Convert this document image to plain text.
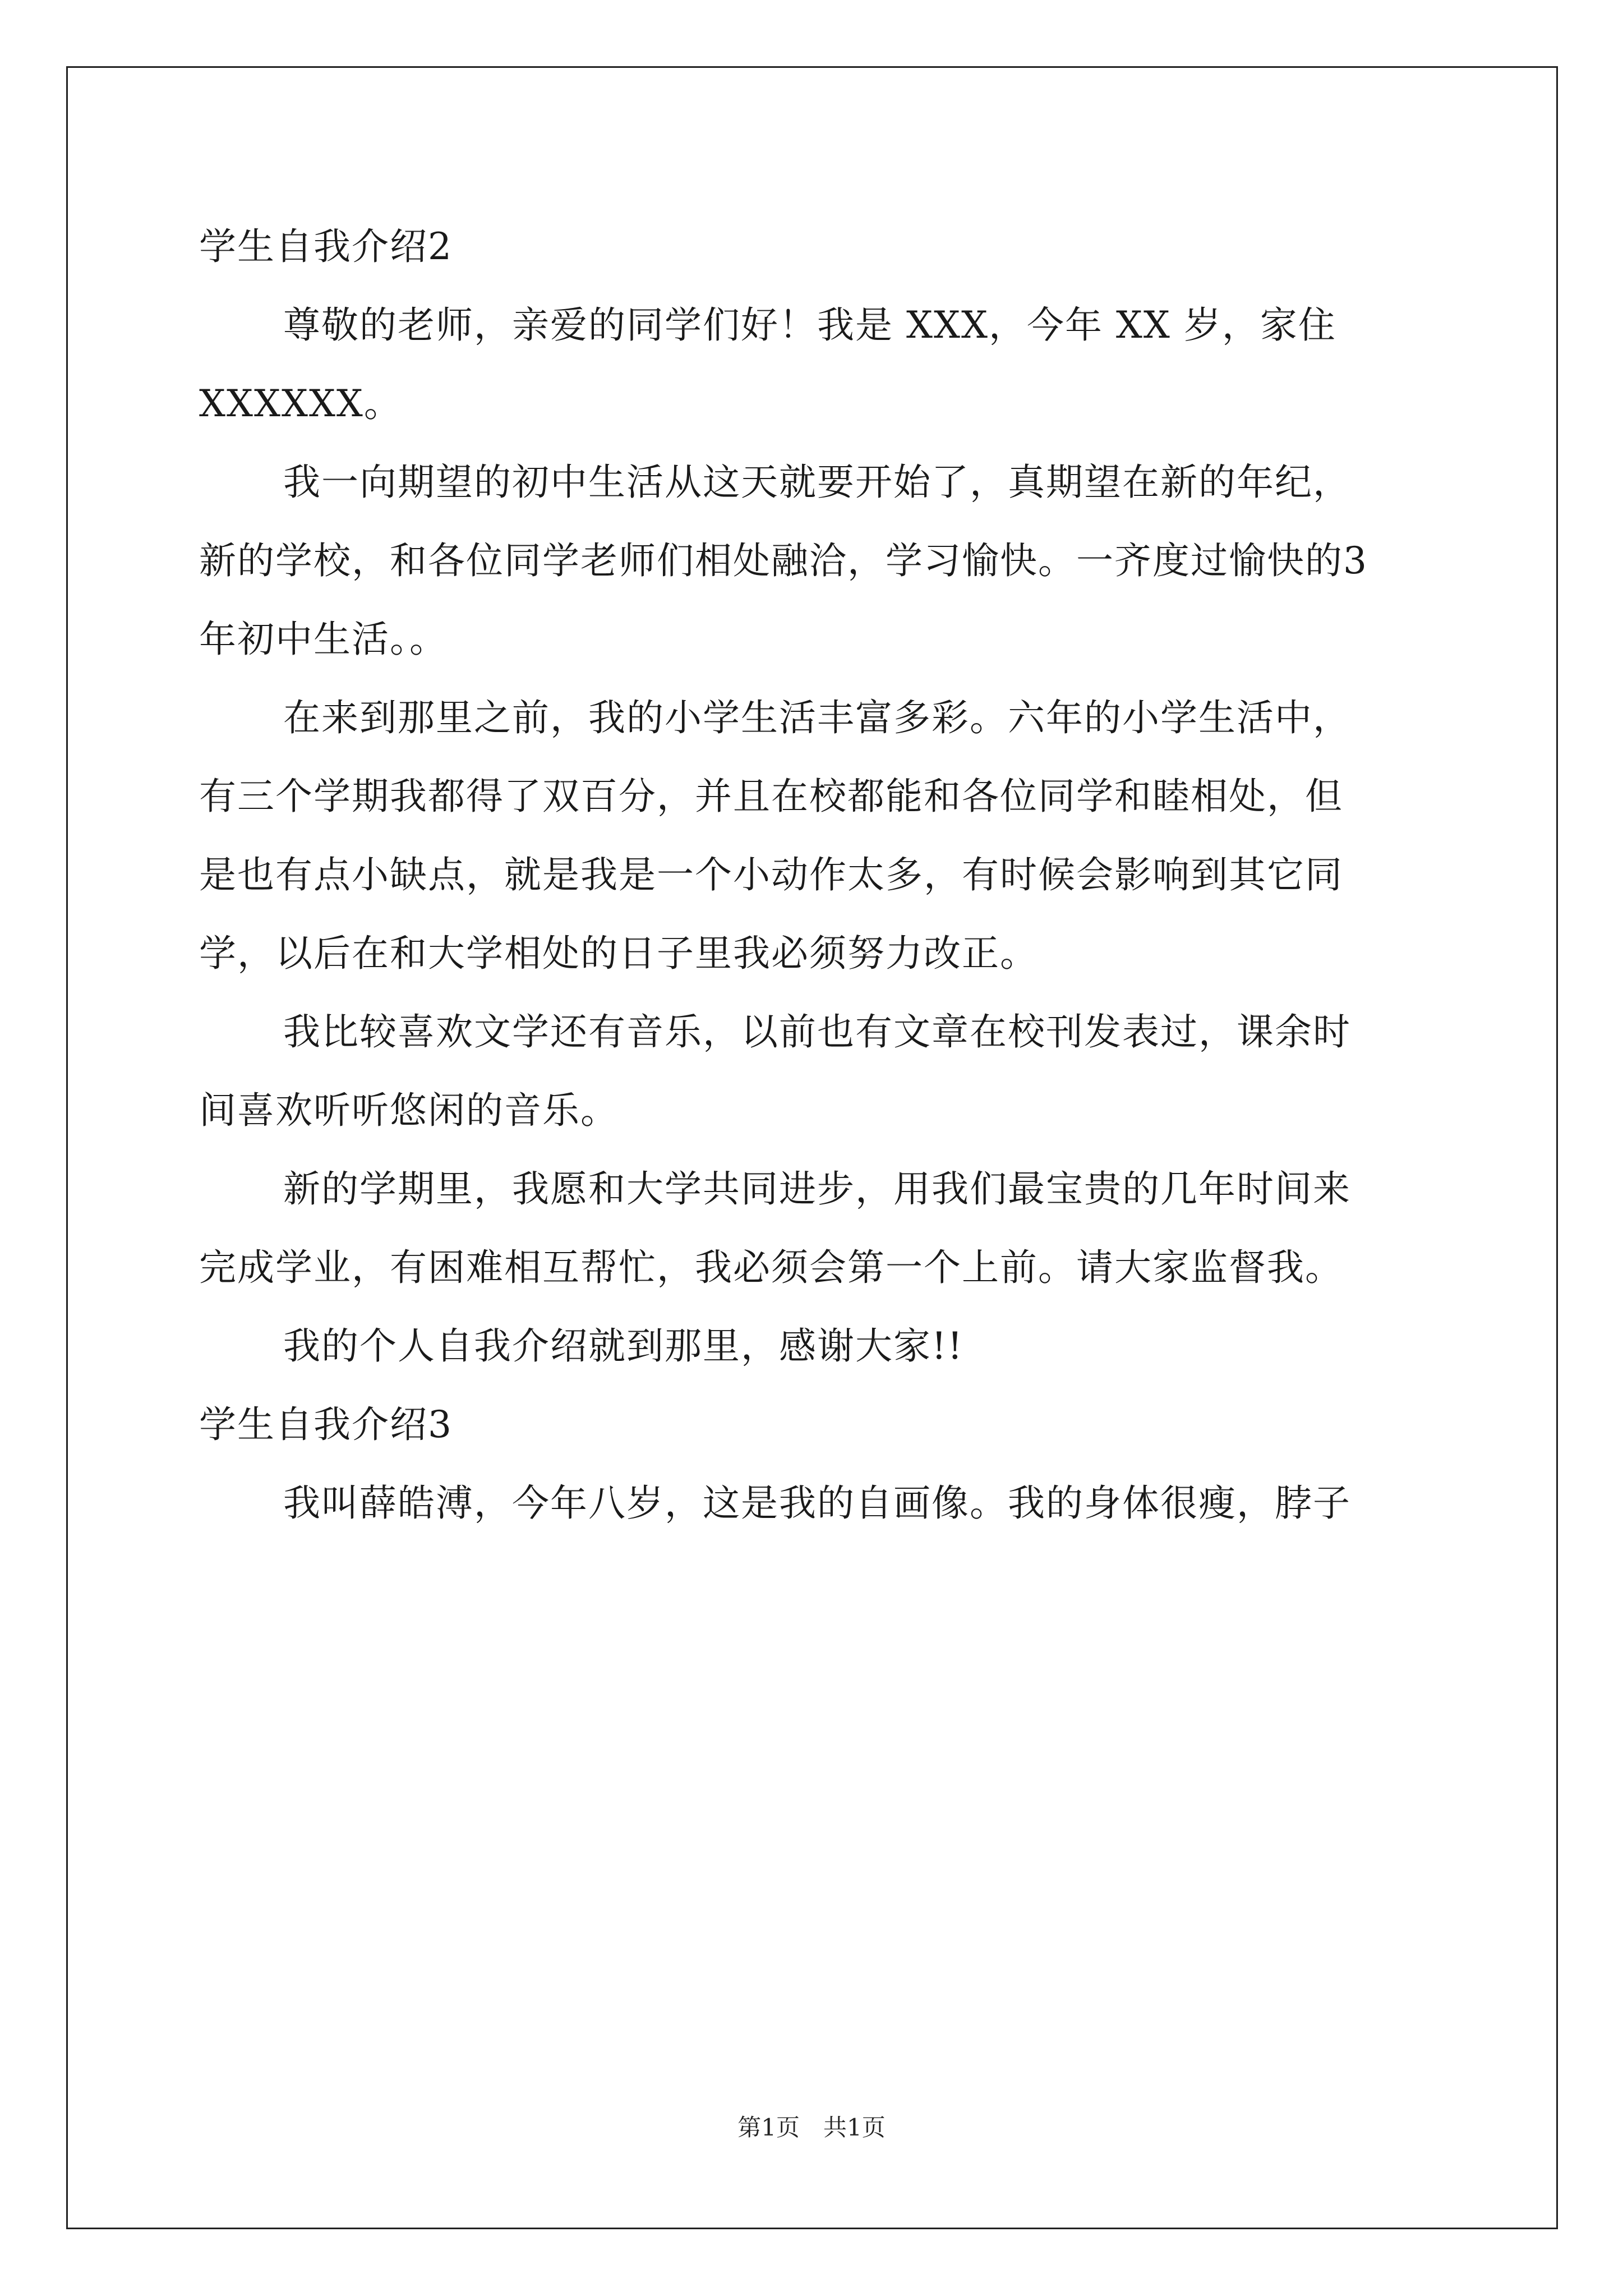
学生自我介绍2
尊敬的老师，亲爱的同学们好！我是 XXX，今年 XX 岁，家住
XXXXXX。
我一向期望的初中生活从这天就要开始了，真期望在新的年纪，
新的学校，和各位同学老师们相处融洽，学习愉快。一齐度过愉快的3
年初中生活。。
在来到那里之前，我的小学生活丰富多彩。六年的小学生活中，
有三个学期我都得了双百分，并且在校都能和各位同学和睦相处，但
是也有点小缺点，就是我是一个小动作太多，有时候会影响到其它同
学，以后在和大学相处的日子里我必须努力改正。
我比较喜欢文学还有音乐，以前也有文章在校刊发表过，课余时
间喜欢听听悠闲的音乐。
新的学期里，我愿和大学共同进步，用我们最宝贵的几年时间来
完成学业，有困难相互帮忙，我必须会第一个上前。请大家监督我。
我的个人自我介绍就到那里，感谢大家!!
学生自我介绍3
我叫薛皓溥，今年八岁，这是我的自画像。我的身体很瘦，脖子
第1页　共1页
